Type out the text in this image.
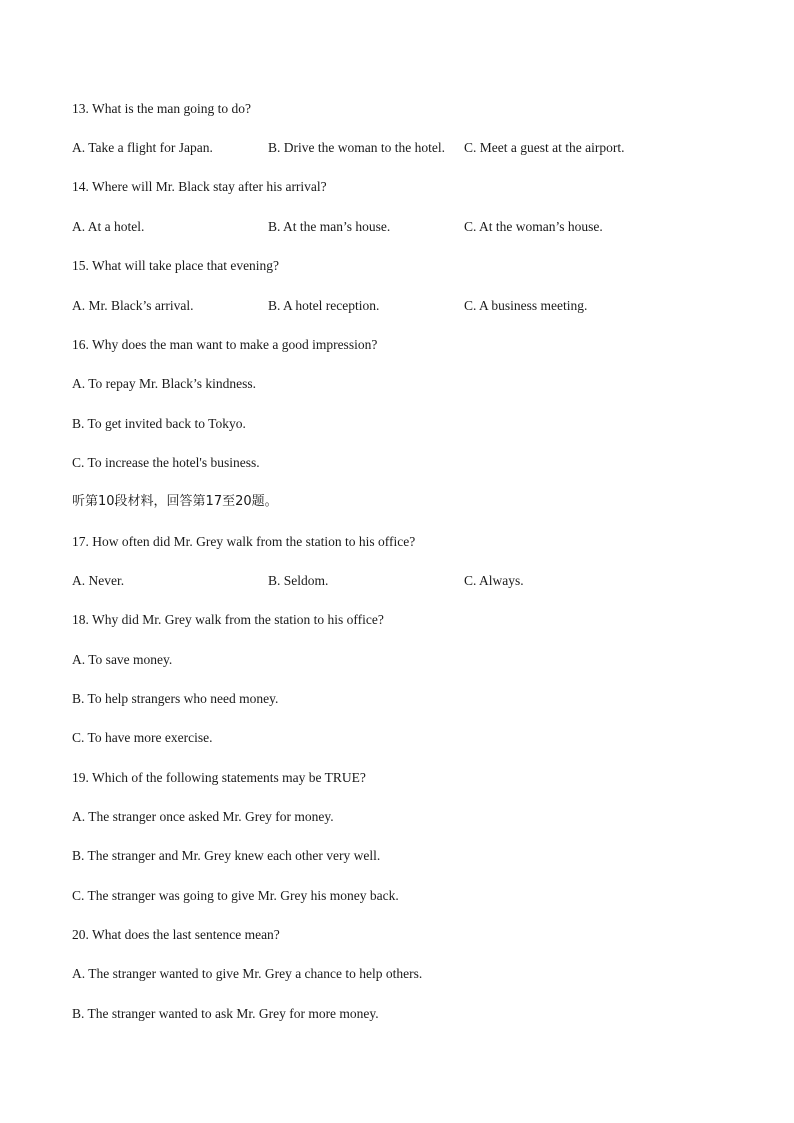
13. What is the man going to do?
A. Take a flight for Japan.	B. Drive the woman to the hotel. C. Meet a guest at the airport.
14. Where will Mr. Black stay after his arrival?
A. At a hotel.	B. At the man’s house.	C. At the woman’s house.
15. What will take place that evening?
A. Mr. Black’s arrival.	B. A hotel reception.	C. A business meeting.
16. Why does the man want to make a good impression?
A. To repay Mr. Black’s kindness.
B. To get invited back to Tokyo.
C. To increase the hotel's business.
听第10段材料，回答第17至20题。
17. How often did Mr. Grey walk from the station to his office?
A. Never.	B. Seldom.	C. Always.
18. Why did Mr. Grey walk from the station to his office?
A. To save money.
B. To help strangers who need money.
C. To have more exercise.
19. Which of the following statements may be TRUE?
A. The stranger once asked Mr. Grey for money.
B. The stranger and Mr. Grey knew each other very well.
C. The stranger was going to give Mr. Grey his money back.
20. What does the last sentence mean?
A. The stranger wanted to give Mr. Grey a chance to help others.
B. The stranger wanted to ask Mr. Grey for more money.
